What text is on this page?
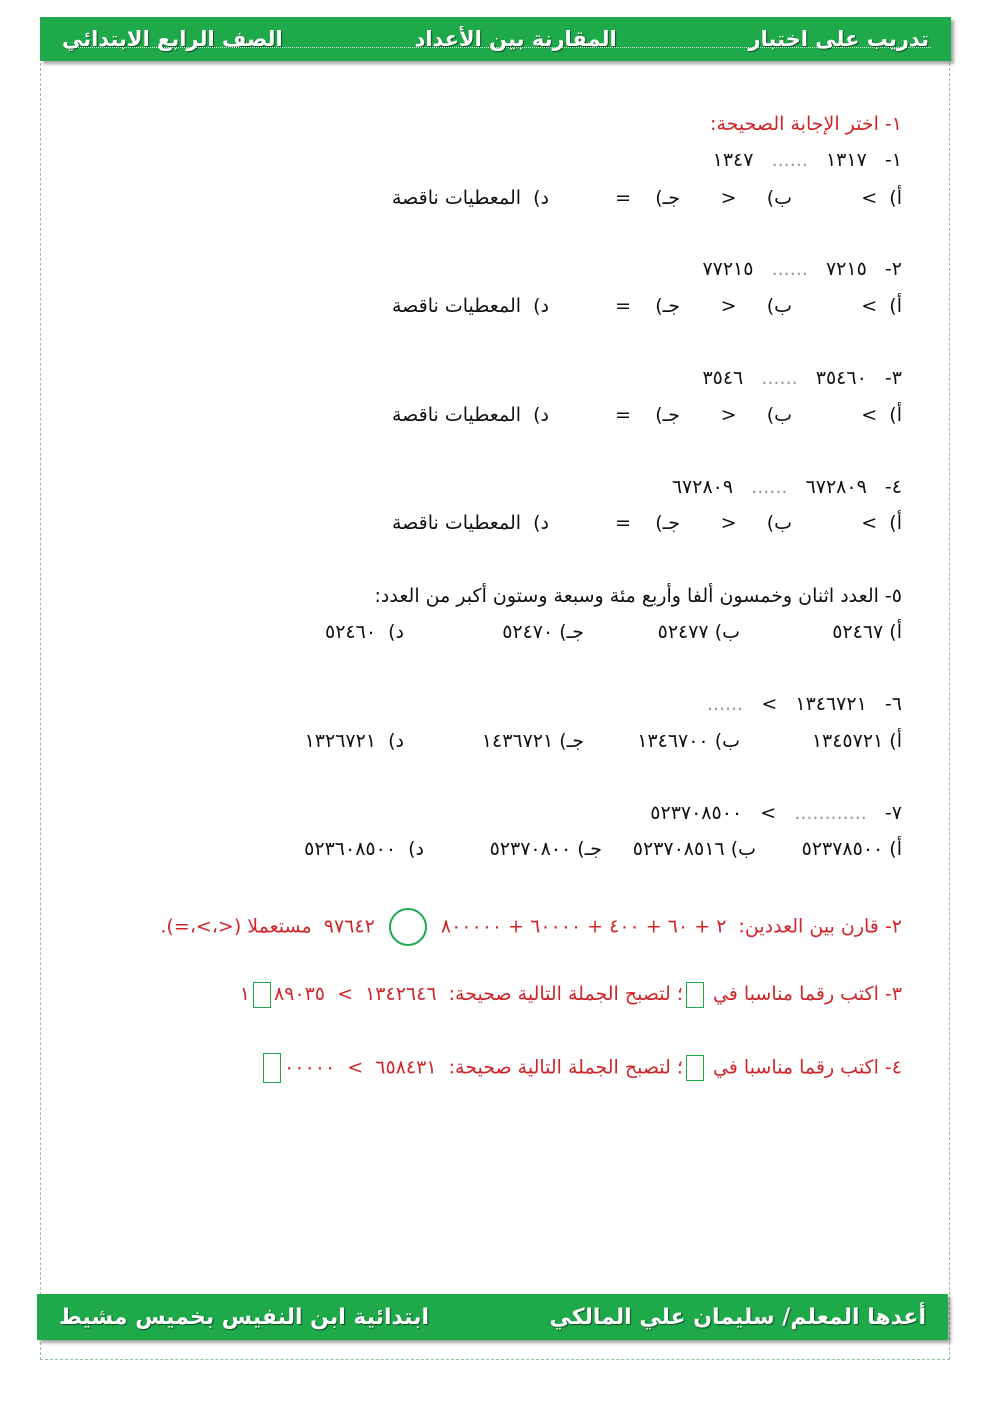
تدريب على اختبار
المقارنة بين الأعداد
الصف الرابع الابتدائي
١- اختر الإجابة الصحيحة:
١-   ١٣١٧   ......   ١٣٤٧
أ)  >
ب)     <
جـ)    =
د)  المعطيات ناقصة
٢-   ٧٢١٥   ......   ٧٧٢١٥
أ)  >
ب)     <
جـ)    =
د)  المعطيات ناقصة
٣-   ٣٥٤٦٠   ......   ٣٥٤٦
أ)  >
ب)     <
جـ)    =
د)  المعطيات ناقصة
٤-   ٦٧٢٨٠٩   ......   ٦٧٢٨٠٩
أ)  >
ب)     <
جـ)    =
د)  المعطيات ناقصة
٥- العدد اثنان وخمسون ألفا وأربع مئة وسبعة وستون أكبر من العدد:
أ) ٥٢٤٦٧
ب) ٥٢٤٧٧
جـ) ٥٢٤٧٠
د)  ٥٢٤٦٠
٦-   ١٣٤٦٧٢١   >   ......
أ) ١٣٤٥٧٢١
ب) ١٣٤٦٧٠٠
جـ) ١٤٣٦٧٢١
د)  ١٣٢٦٧٢١
٧-   ............   >   ٥٢٣٧٠٨٥٠٠
أ) ٥٢٣٧٨٥٠٠
ب) ٥٢٣٧٠٨٥١٦
جـ) ٥٢٣٧٠٨٠٠
د)  ٥٢٣٦٠٨٥٠٠
٢- قارن بين العددين:  ٢ + ٦٠ + ٤٠٠ + ٦٠٠٠٠ + ٨٠٠٠٠٠  ٩٧٦٤٢  مستعملا (<،>،=).
٣- اكتب رقما مناسبا في ؛ لتصبح الجملة التالية صحيحة:  ١٣٤٢٦٤٦  >  ٨٩٠٣٥١
٤- اكتب رقما مناسبا في ؛ لتصبح الجملة التالية صحيحة:  ٦٥٨٤٣١  >  ٠٠٠٠٠
أعدها المعلم/ سليمان علي المالكي
ابتدائية ابن النفيس بخميس مشيط
